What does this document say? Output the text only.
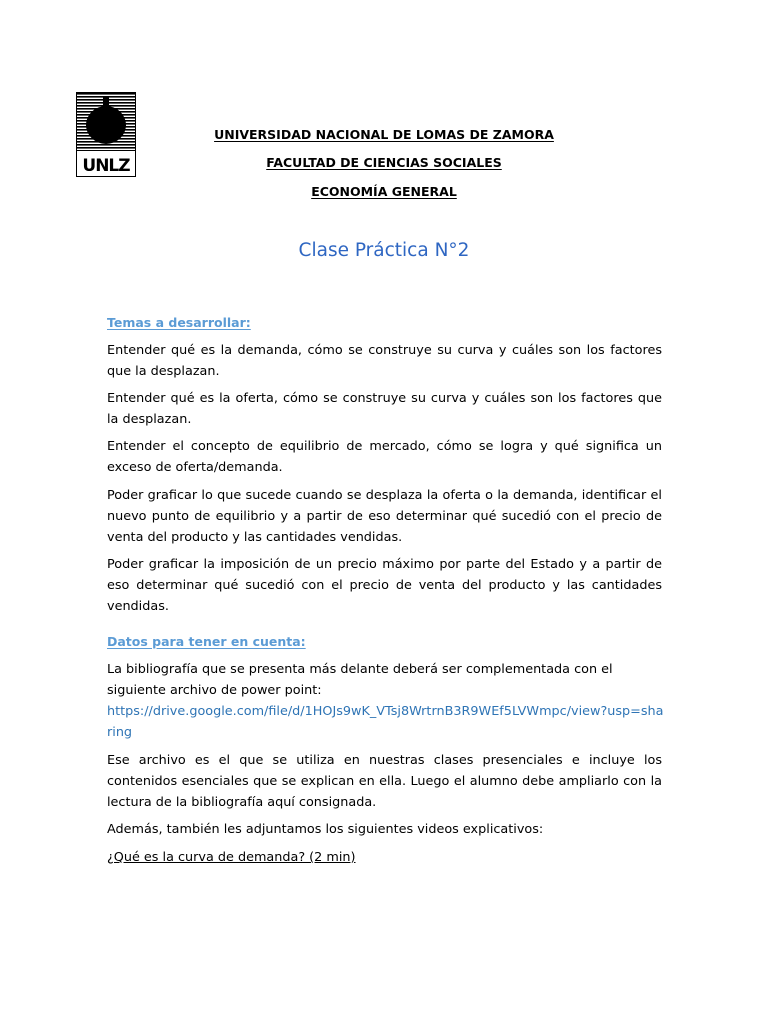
UNLZ
UNIVERSIDAD NACIONAL DE LOMAS DE ZAMORA
FACULTAD DE CIENCIAS SOCIALES
ECONOMÍA GENERAL
Clase Práctica N°2
Temas a desarrollar:
Entender qué es la demanda, cómo se construye su curva y cuáles son los factores que la desplazan.
Entender qué es la oferta, cómo se construye su curva y cuáles son los factores que la desplazan.
Entender el concepto de equilibrio de mercado, cómo se logra y qué significa un exceso de oferta/demanda.
Poder graficar lo que sucede cuando se desplaza la oferta o la demanda, identificar el nuevo punto de equilibrio y a partir de eso determinar qué sucedió con el precio de venta del producto y las cantidades vendidas.
Poder graficar la imposición de un precio máximo por parte del Estado y a partir de eso determinar qué sucedió con el precio de venta del producto y las cantidades vendidas.
Datos para tener en cuenta:
La bibliografía que se presenta más delante deberá ser complementada con el siguiente archivo de power point:
https://drive.google.com/file/d/1HOJs9wK_VTsj8WrtrnB3R9WEf5LVWmpc/view?usp=sharing
Ese archivo es el que se utiliza en nuestras clases presenciales e incluye los contenidos esenciales que se explican en ella. Luego el alumno debe ampliarlo con la lectura de la bibliografía aquí consignada.
Además, también les adjuntamos los siguientes videos explicativos:
¿Qué es la curva de demanda? (2 min)
